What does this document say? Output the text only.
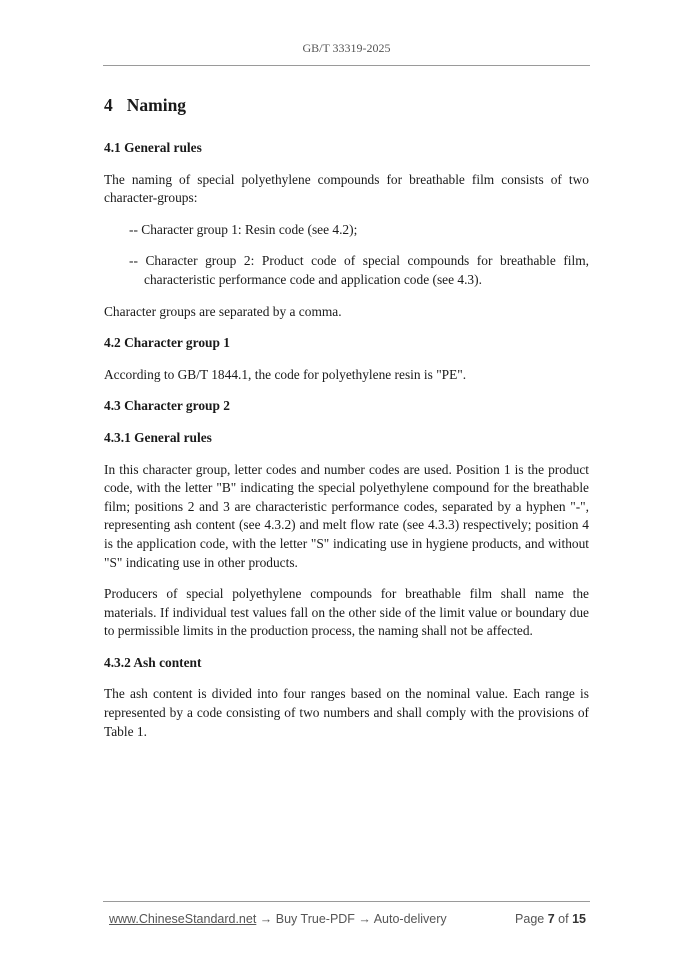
GB/T 33319-2025
4 Naming
4.1 General rules

The naming of special polyethylene compounds for breathable film consists of two character-groups:

-- Character group 1: Resin code (see 4.2);
-- Character group 2: Product code of special compounds for breathable film, characteristic performance code and application code (see 4.3).

Character groups are separated by a comma.

4.2 Character group 1

According to GB/T 1844.1, the code for polyethylene resin is "PE".

4.3 Character group 2
4.3.1 General rules

In this character group, letter codes and number codes are used. Position 1 is the product code, with the letter "B" indicating the special polyethylene compound for the breathable film; positions 2 and 3 are characteristic performance codes, separated by a hyphen "-", representing ash content (see 4.3.2) and melt flow rate (see 4.3.3) respectively; position 4 is the application code, with the letter "S" indicating use in hygiene products, and without "S" indicating use in other products.

Producers of special polyethylene compounds for breathable film shall name the materials. If individual test values fall on the other side of the limit value or boundary due to permissible limits in the production process, the naming shall not be affected.

4.3.2 Ash content

The ash content is divided into four ranges based on the nominal value. Each range is represented by a code consisting of two numbers and shall comply with the provisions of Table 1.

www.ChineseStandard.net → Buy True-PDF → Auto-delivery	Page 7 of 15
